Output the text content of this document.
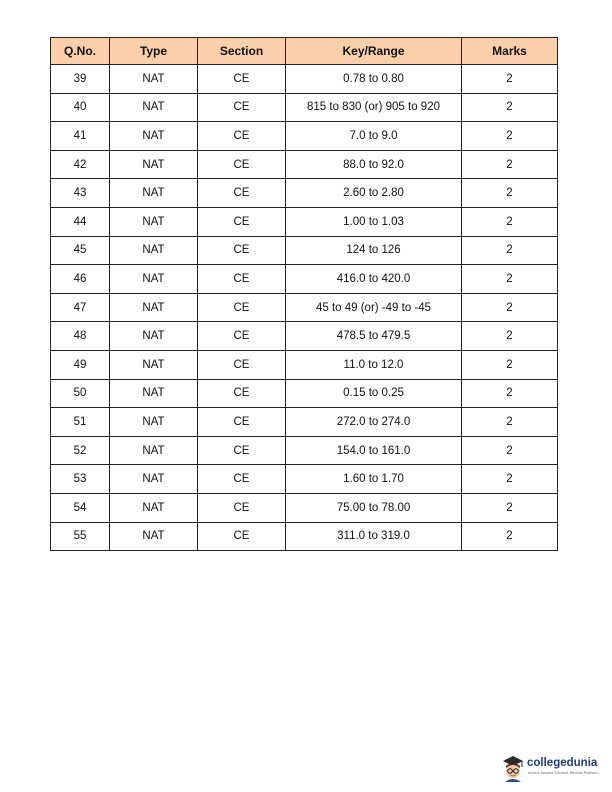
Q.No.	Type	Section	Key/Range	Marks
39	NAT	CE	0.78 to 0.80	2
40	NAT	CE	815 to 830 (or) 905 to 920	2
41	NAT	CE	7.0 to 9.0	2
42	NAT	CE	88.0 to 92.0	2
43	NAT	CE	2.60 to 2.80	2
44	NAT	CE	1.00 to 1.03	2
45	NAT	CE	124 to 126	2
46	NAT	CE	416.0 to 420.0	2
47	NAT	CE	45 to 49 (or) -49 to -45	2
48	NAT	CE	478.5 to 479.5	2
49	NAT	CE	11.0 to 12.0	2
50	NAT	CE	0.15 to 0.25	2
51	NAT	CE	272.0 to 274.0	2
52	NAT	CE	154.0 to 161.0	2
53	NAT	CE	1.60 to 1.70	2
54	NAT	CE	75.00 to 78.00	2
55	NAT	CE	311.0 to 319.0	2
collegedunia
India's largest Student Review Platform
